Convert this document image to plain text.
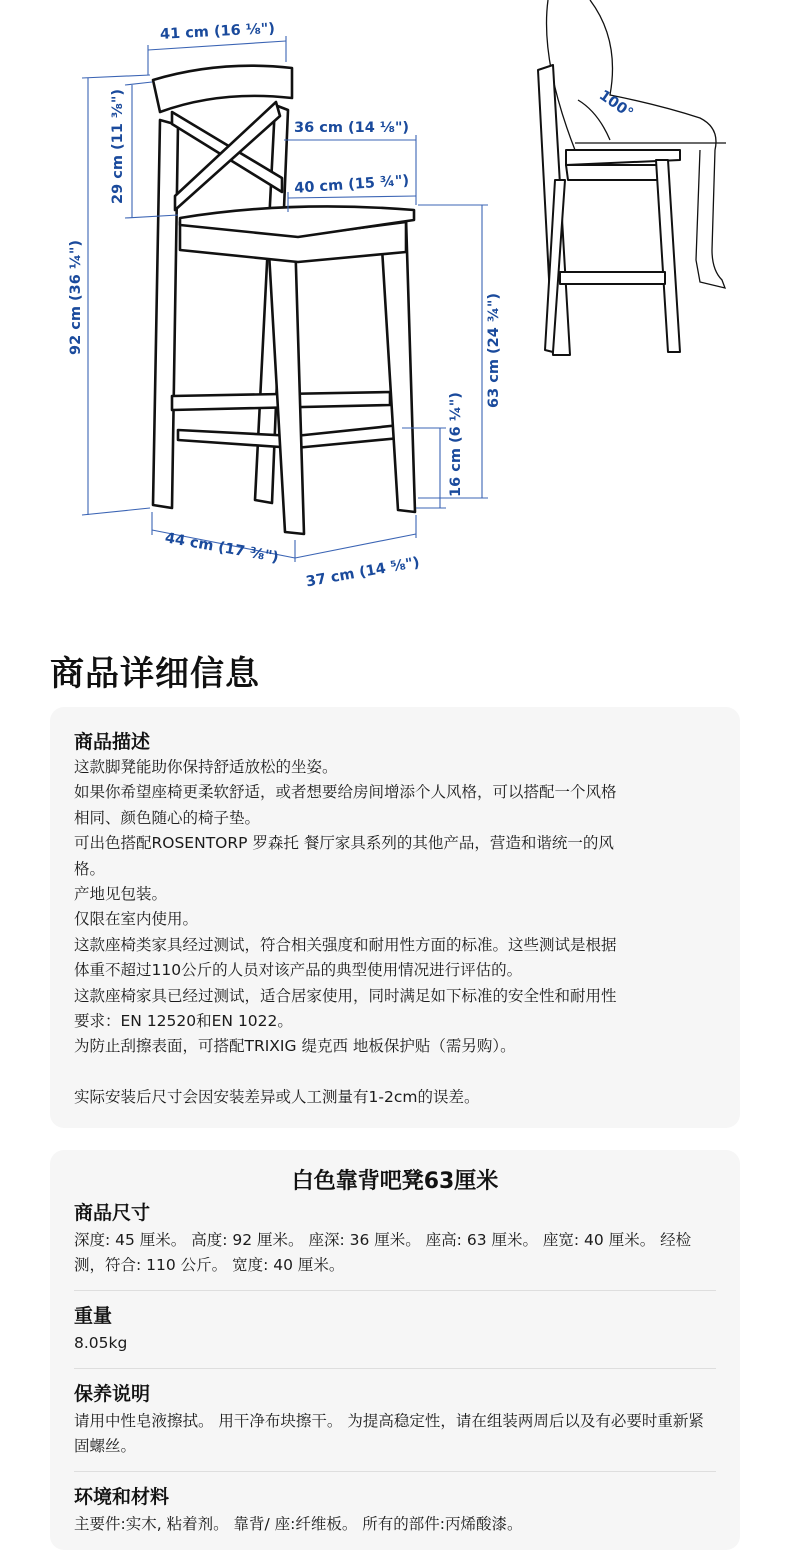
41 cm (16 ⅛")
29 cm (11 ⅜")
92 cm (36 ¼")
36 cm (14 ⅛")
40 cm (15 ¾")
63 cm (24 ¾")
16 cm (6 ¼")
44 cm (17 ⅜")
37 cm (14 ⅝")
100°
商品详细信息
商品描述
这款脚凳能助你保持舒适放松的坐姿。
如果你希望座椅更柔软舒适，或者想要给房间增添个人风格，可以搭配一个风格
相同、颜色随心的椅子垫。
可出色搭配ROSENTORP 罗森托 餐厅家具系列的其他产品，营造和谐统一的风
格。
产地见包装。
仅限在室内使用。
这款座椅类家具经过测试，符合相关强度和耐用性方面的标准。这些测试是根据
体重不超过110公斤的人员对该产品的典型使用情况进行评估的。
这款座椅家具已经过测试，适合居家使用，同时满足如下标准的安全性和耐用性
要求：EN 12520和EN 1022。
为防止刮擦表面，可搭配TRIXIG 缇克西 地板保护贴（需另购）。
实际安装后尺寸会因安装差异或人工测量有1-2cm的误差。
白色靠背吧凳63厘米
商品尺寸

深度: 45 厘米。 高度: 92 厘米。 座深: 36 厘米。 座高: 63 厘米。 座宽: 40 厘米。 经检测，符合: 110 公斤。 宽度: 40 厘米。

重量

8.05kg

保养说明

请用中性皂液擦拭。 用干净布块擦干。 为提高稳定性，请在组装两周后以及有必要时重新紧固螺丝。

环境和材料

主要件:实木, 粘着剂。 靠背/ 座:纤维板。 所有的部件:丙烯酸漆。
